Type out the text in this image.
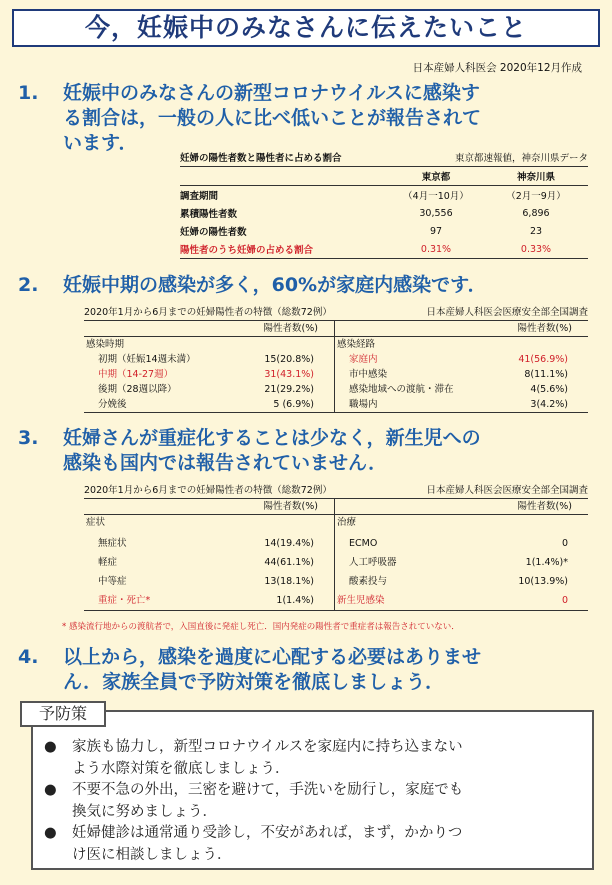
今，妊娠中のみなさんに伝えたいこと
日本産婦人科医会 2020年12月作成
1. 妊娠中のみなさんの新型コロナウイルスに感染す
る割合は，一般の人に比べ低いことが報告されて
います．
妊婦の陽性者数と陽性者に占める割合	東京都速報値，神奈川県データ
東京都	神奈川県
調査期間	（4月一10月）	（2月一9月）
累積陽性者数	30,556	6,896
妊婦の陽性者数	97	23
陽性者のうち妊婦の占める割合	0.31%	0.33%
2. 妊娠中期の感染が多く，60%が家庭内感染です．
2020年1月から6月までの妊婦陽性者の特徴（総数72例）	日本産婦人科医会医療安全部全国調査
陽性者数(%)
感染時期
初期（妊娠14週未満）	15(20.8%)
中期（14-27週）	31(43.1%)
後期（28週以降）	21(29.2%)
分娩後	5 (6.9%)
陽性者数(%)
感染経路
家庭内	41(56.9%)
市中感染	8(11.1%)
感染地域への渡航・滞在	4(5.6%)
職場内	3(4.2%)
3. 妊婦さんが重症化することは少なく，新生児への
感染も国内では報告されていません．
2020年1月から6月までの妊婦陽性者の特徴（総数72例）	日本産婦人科医会医療安全部全国調査
陽性者数(%)
症状
無症状	14(19.4%)
軽症	44(61.1%)
中等症	13(18.1%)
重症・死亡*	1(1.4%)
陽性者数(%)
治療
ECMO	0
人工呼吸器	1(1.4%)*
酸素投与	10(13.9%)
新生児感染	0
* 感染流行地からの渡航者で，入国直後に発症し死亡．国内発症の陽性者で重症者は報告されていない．
4. 以上から，感染を過度に心配する必要はありませ
ん．家族全員で予防対策を徹底しましょう．
予防策
●	家族も協力し，新型コロナウイルスを家庭内に持ち込まない
よう水際対策を徹底しましょう．
●	不要不急の外出，三密を避けて，手洗いを励行し，家庭でも
換気に努めましょう．
●	妊婦健診は通常通り受診し，不安があれば，まず，かかりつ
け医に相談しましょう．
